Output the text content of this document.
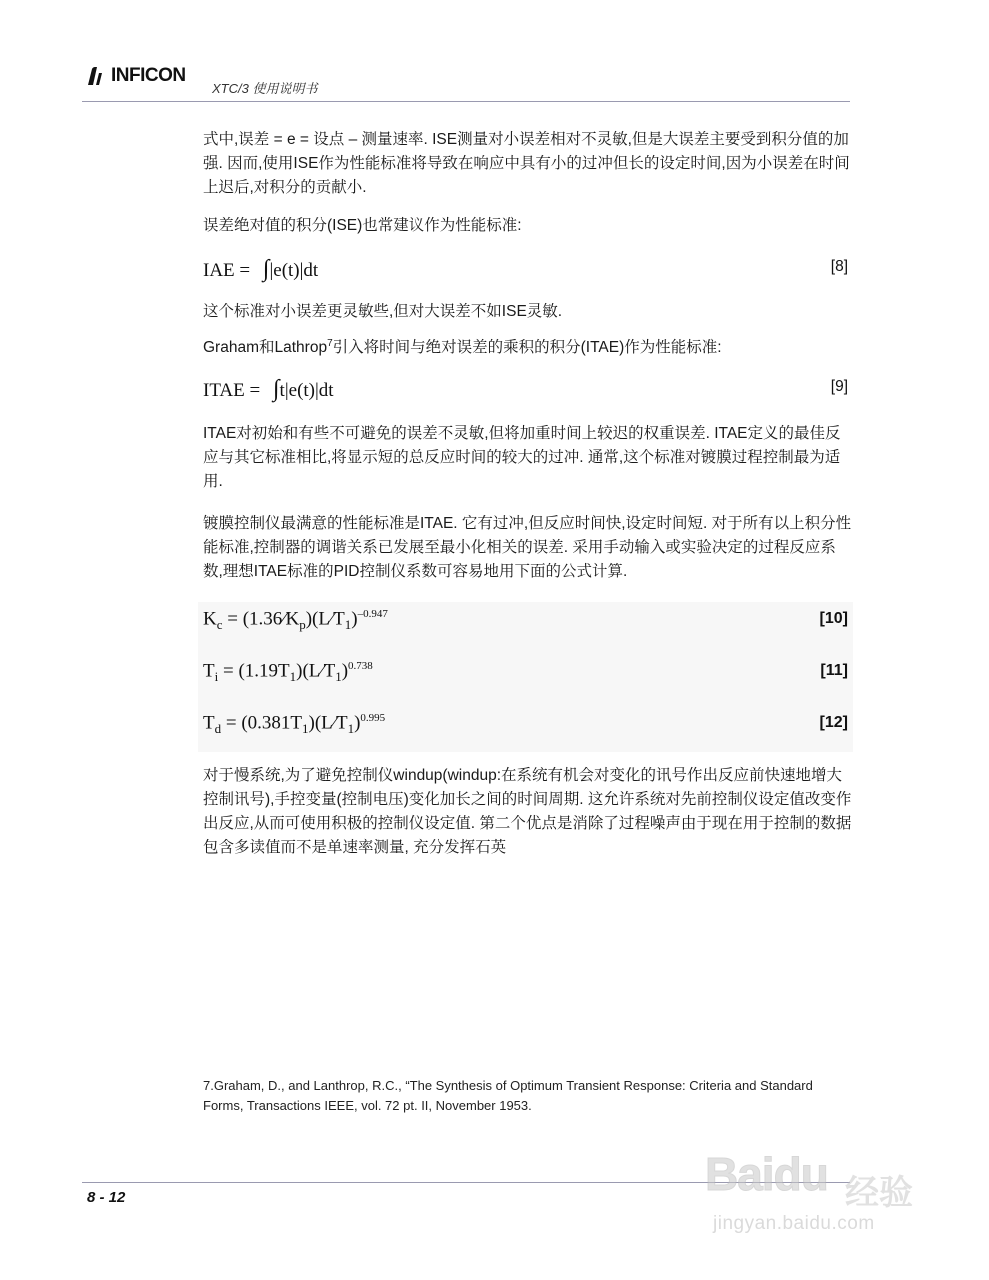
INFICON
XTC/3 使用说明书
式中,误差 = e = 设点 – 测量速率. ISE测量对小误差相对不灵敏,但是大误差主要受到积分值的加强. 因而,使用ISE作为性能标准将导致在响应中具有小的过冲但长的设定时间,因为小误差在时间上迟后,对积分的贡献小.
误差绝对值的积分(ISE)也常建议作为性能标准:
IAE = ∫|e(t)|dt	[8]
这个标准对小误差更灵敏些,但对大误差不如ISE灵敏.
Graham和Lathrop$^7$引入将时间与绝对误差的乘积的积分(ITAE)作为性能标准:
ITAE = ∫t|e(t)|dt	[9]
ITAE对初始和有些不可避免的误差不灵敏,但将加重时间上较迟的权重误差. ITAE定义的最佳反应与其它标准相比,将显示短的总反应时间的较大的过冲. 通常,这个标准对镀膜过程控制最为适用.
镀膜控制仪最满意的性能标准是ITAE. 它有过冲,但反应时间快,设定时间短. 对于所有以上积分性能标准,控制器的调谐关系已发展至最小化相关的误差. 采用手动输入或实验决定的过程反应系数,理想ITAE标准的PID控制仪系数可容易地用下面的公式计算.
$K_c$ = $(1.36⁄K_p)(L⁄T_1)^{-0.947}$	[10]
$T_i$ = $(1.19T_1)(L⁄T_1)^{0.738}$	[11]
$T_d$ = $(0.381T_1)(L⁄T_1)^{0.995}$	[12]
对于慢系统,为了避免控制仪windup(windup:在系统有机会对变化的讯号作出反应前快速地增大控制讯号),手控变量(控制电压)变化加长之间的时间周期. 这允许系统对先前控制仪设定值改变作出反应,从而可使用积极的控制仪设定值. 第二个优点是消除了过程噪声由于现在用于控制的数据包含多读值而不是单速率测量, 充分发挥石英
7.Graham, D., and Lanthrop, R.C., “The Synthesis of Optimum Transient Response: Criteria and Standard Forms, Transactions IEEE, vol. 72 pt. II, November 1953.
8 - 12	Baidu 经验
jingyan.baidu.com
